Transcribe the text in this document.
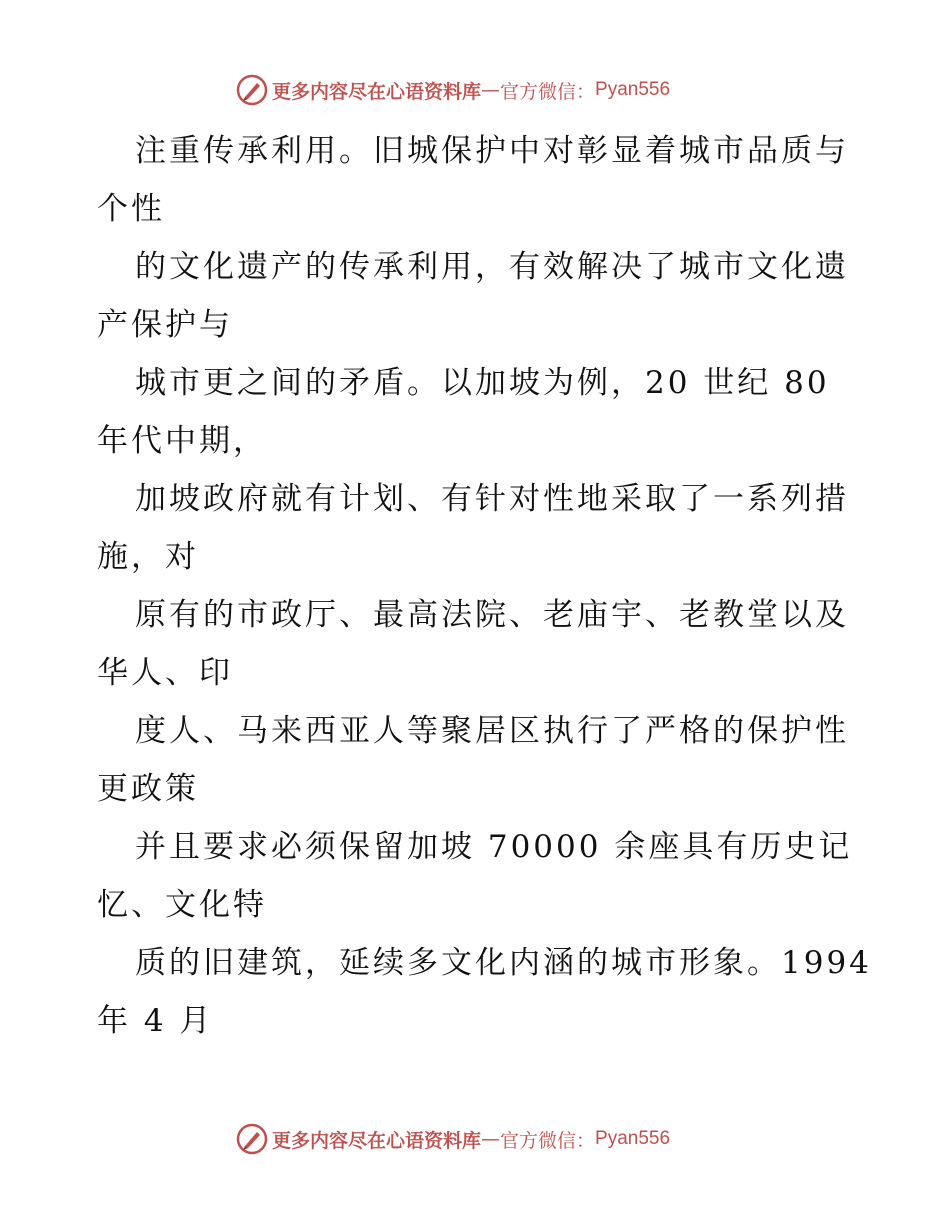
更多内容尽在心语资料库 — 官方微信： Pyan556
注重传承利用。旧城保护中对彰显着城市品质与
个性
的文化遗产的传承利用，有效解决了城市文化遗
产保护与
城市更之间的矛盾。以加坡为例，20 世纪 80
年代中期，
加坡政府就有计划、有针对性地采取了一系列措
施，对
原有的市政厅、最高法院、老庙宇、老教堂以及
华人、印
度人、马来西亚人等聚居区执行了严格的保护性
更政策
并且要求必须保留加坡 70000 余座具有历史记
忆、文化特
质的旧建筑，延续多文化内涵的城市形象。1994
年 4 月
更多内容尽在心语资料库 — 官方微信： Pyan556
